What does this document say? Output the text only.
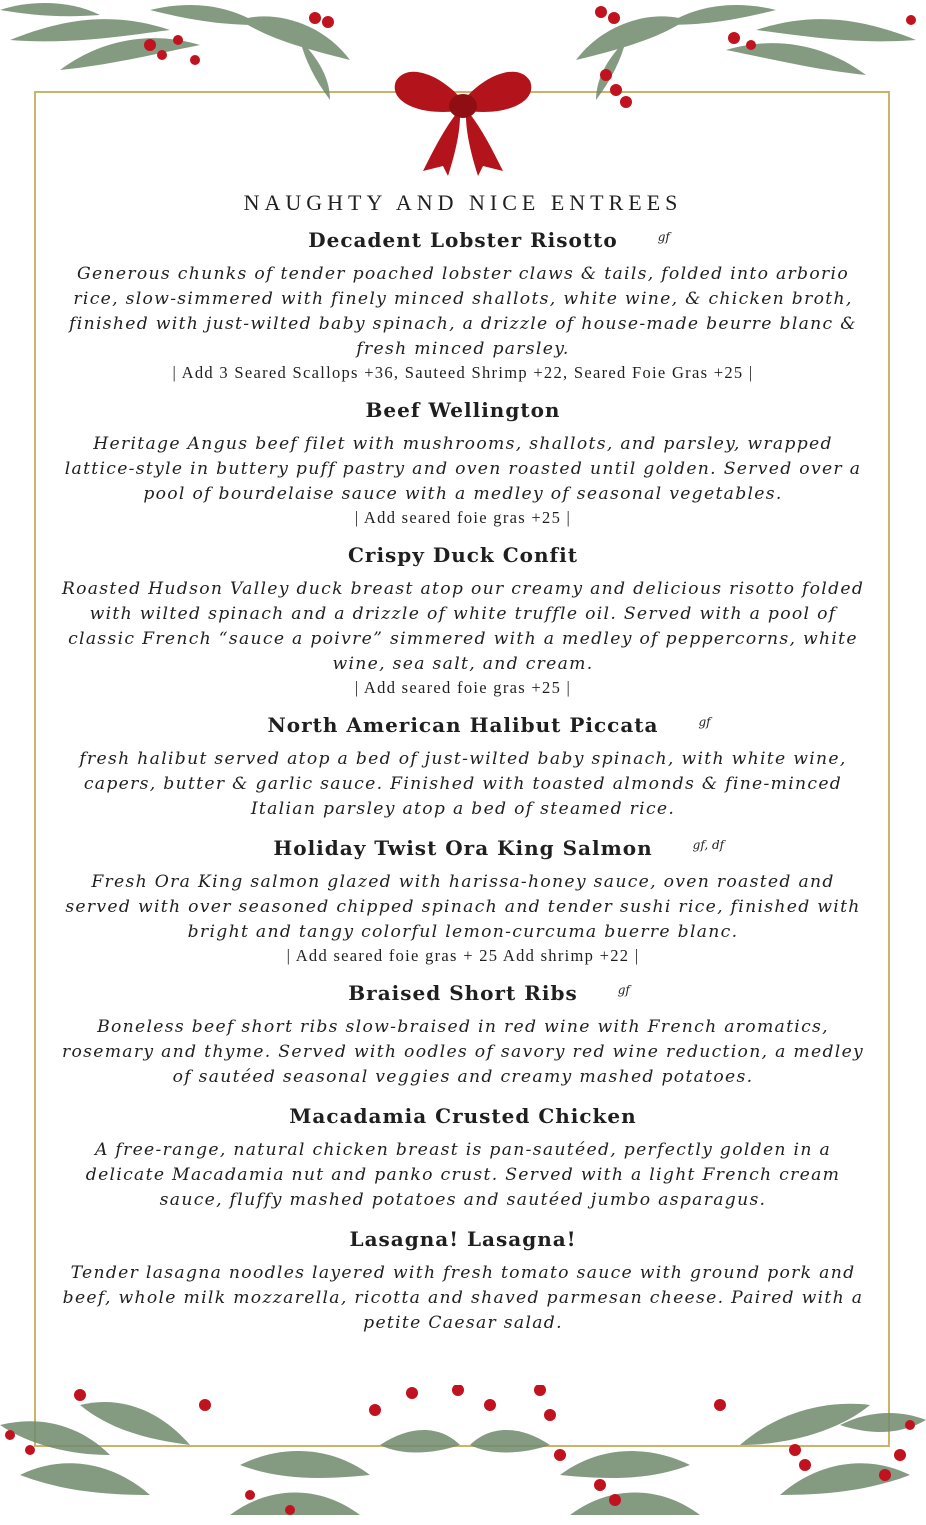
NAUGHTY AND NICE ENTREES
Decadent Lobster Risotto	gf

Generous chunks of tender poached lobster claws & tails, folded into arborio rice, slow-simmered with finely minced shallots, white wine, & chicken broth, finished with just-wilted baby spinach, a drizzle of house-made beurre blanc & fresh minced parsley.

| Add 3 Seared Scallops +36, Sauteed Shrimp +22, Seared Foie Gras +25 |

Beef Wellington

Heritage Angus beef filet with mushrooms, shallots, and parsley, wrapped lattice-style in buttery puff pastry and oven roasted until golden. Served over a pool of bourdelaise sauce with a medley of seasonal vegetables.

| Add seared foie gras +25 |

Crispy Duck Confit

Roasted Hudson Valley duck breast atop our creamy and delicious risotto folded with wilted spinach and a drizzle of white truffle oil. Served with a pool of classic French “sauce a poivre” simmered with a medley of peppercorns, white wine, sea salt, and cream.

| Add seared foie gras +25 |

North American Halibut Piccata	gf

fresh halibut served atop a bed of just-wilted baby spinach, with white wine, capers, butter & garlic sauce. Finished with toasted almonds & fine-minced Italian parsley atop a bed of steamed rice.

Holiday Twist Ora King Salmon	gf, df

Fresh Ora King salmon glazed with harissa-honey sauce, oven roasted and served with over seasoned chipped spinach and tender sushi rice, finished with bright and tangy colorful lemon-curcuma buerre blanc.

| Add seared foie gras + 25 Add shrimp +22 |

Braised Short Ribs	gf

Boneless beef short ribs slow-braised in red wine with French aromatics, rosemary and thyme. Served with oodles of savory red wine reduction, a medley of sautéed seasonal veggies and creamy mashed potatoes.

Macadamia Crusted Chicken

A free-range, natural chicken breast is pan-sautéed, perfectly golden in a delicate Macadamia nut and panko crust. Served with a light French cream sauce, fluffy mashed potatoes and sautéed jumbo asparagus.

Lasagna! Lasagna!

Tender lasagna noodles layered with fresh tomato sauce with ground pork and beef, whole milk mozzarella, ricotta and shaved parmesan cheese. Paired with a petite Caesar salad.
